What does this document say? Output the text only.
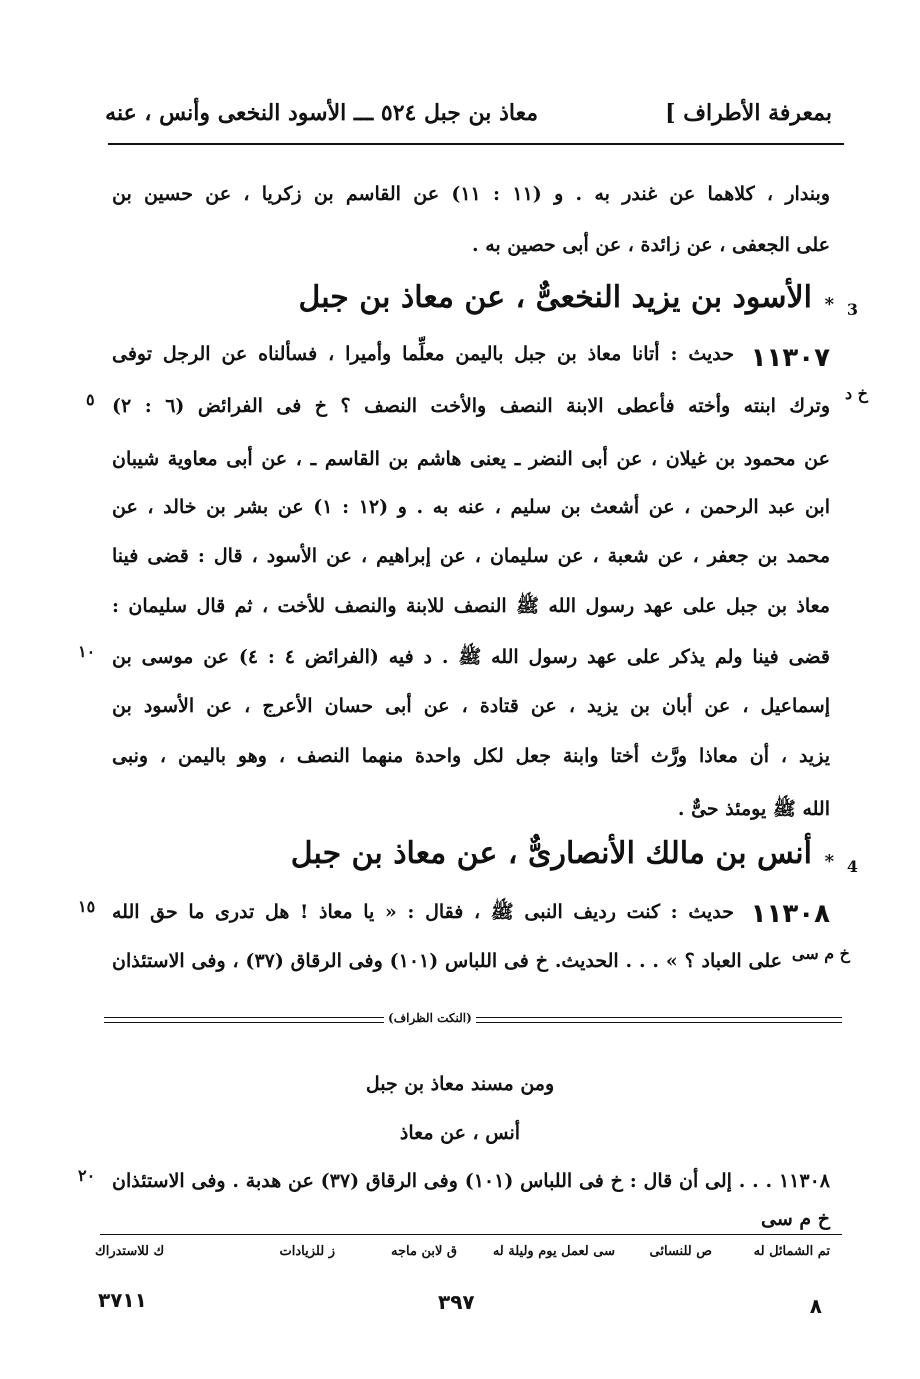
بمعرفة الأطراف ]
معاذ بن جبل ٥٢٤ ـــ الأسود النخعى وأنس ، عنه
وبندار ، كلاهما عن غندر به . و (١١ : ١١) عن القاسم بن زكريا ، عن حسين بن
على الجعفى ، عن زائدة ، عن أبى حصين به .
3
*
الأسود بن يزيد النخعىٌّ ، عن معاذ بن جبل
١١٣٠٧
خ د
حديث : أتانا معاذ بن جبل باليمن معلِّما وأميرا ، فسألناه عن الرجل توفى
وترك ابنته وأخته فأعطى الابنة النصف والأخت النصف ؟ خ فى الفرائض (٦ : ٢)
عن محمود بن غيلان ، عن أبى النضر ـ يعنى هاشم بن القاسم ـ ، عن أبى معاوية شيبان
ابن عبد الرحمن ، عن أشعث بن سليم ، عنه به . و (١٢ : ١) عن بشر بن خالد ، عن
محمد بن جعفر ، عن شعبة ، عن سليمان ، عن إبراهيم ، عن الأسود ، قال : قضى فينا
معاذ بن جبل على عهد رسول الله ﷺ النصف للابنة والنصف للأخت ، ثم قال سليمان :
قضى فينا ولم يذكر على عهد رسول الله ﷺ . د فيه (الفرائض ٤ : ٤) عن موسى بن
إسماعيل ، عن أبان بن يزيد ، عن قتادة ، عن أبى حسان الأعرج ، عن الأسود بن
يزيد ، أن معاذا ورَّث أختا وابنة جعل لكل واحدة منهما النصف ، وهو باليمن ، ونبى
الله ﷺ يومئذ حىٌّ .
4
*
أنس بن مالك الأنصارىٌّ ، عن معاذ بن جبل
١١٣٠٨
خ م سى
حديث : كنت رديف النبى ﷺ ، فقال : « يا معاذ ! هل تدرى ما حق الله
على العباد ؟ » . . . الحديث. خ فى اللباس (١٠١) وفى الرقاق (٣٧) ، وفى الاستئذان
٥
١٠
١٥
٢٠
(النكت الظراف)
ومن مسند معاذ بن جبل
أنس ، عن معاذ
١١٣٠٨ . . . إلى أن قال : خ فى اللباس (١٠١) وفى الرقاق (٣٧) عن هدبة . وفى الاستئذان
خ م سى
تم الشمائل له
ص للنسائى
سى لعمل يوم وليلة له
ق لابن ماجه
ز للزيادات
ك للاستدراك
٨
٣٩٧
٣٧١١
